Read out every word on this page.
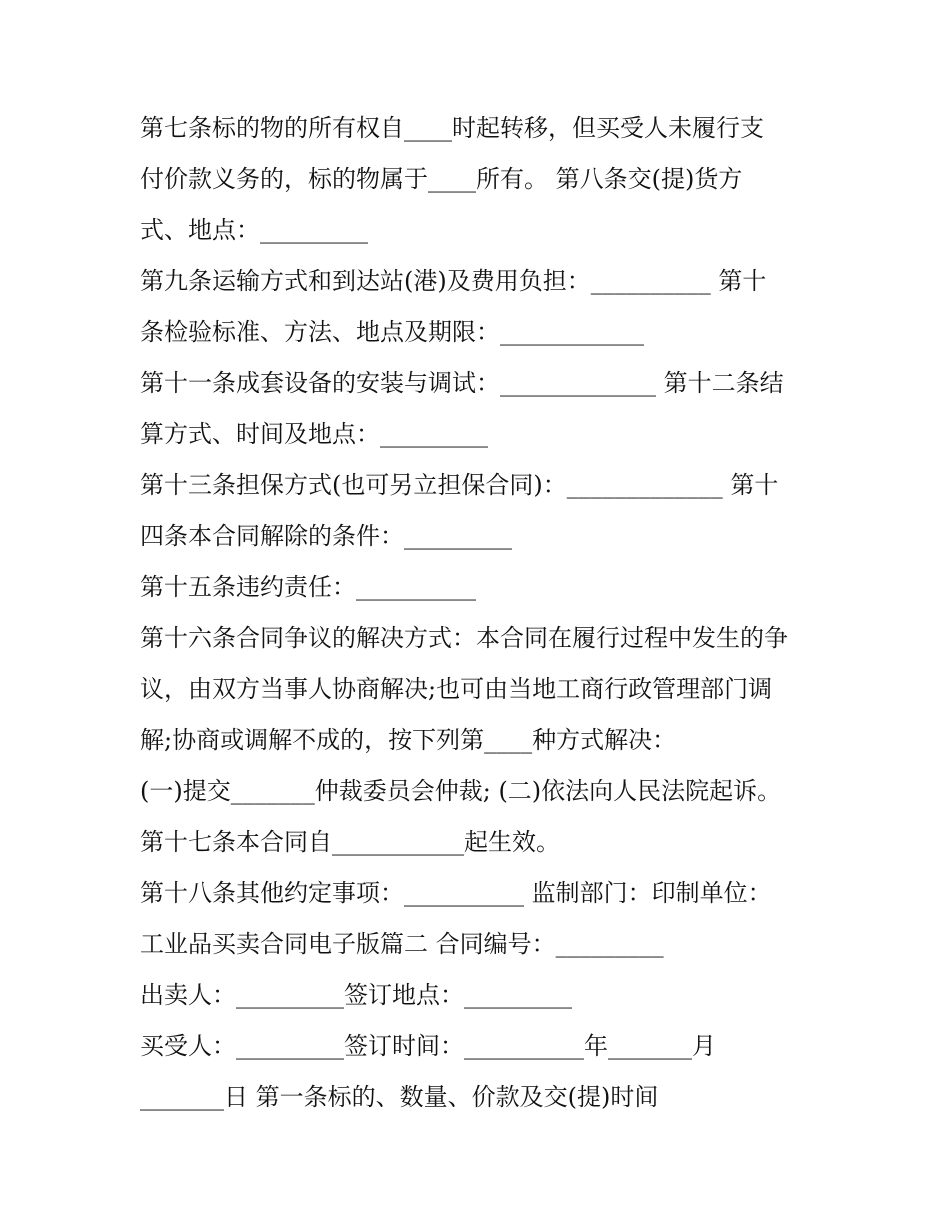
第七条标的物的所有权自____时起转移，但买受人未履行支
付价款义务的，标的物属于____所有。 第八条交(提)货方
式、地点：_________
第九条运输方式和到达站(港)及费用负担：__________ 第十
条检验标准、方法、地点及期限：____________
第十一条成套设备的安装与调试：_____________ 第十二条结
算方式、时间及地点：_________
第十三条担保方式(也可另立担保合同)：_____________ 第十
四条本合同解除的条件：_________
第十五条违约责任：__________
第十六条合同争议的解决方式：本合同在履行过程中发生的争
议，由双方当事人协商解决;也可由当地工商行政管理部门调
解;协商或调解不成的，按下列第____种方式解决：
(一)提交_______仲裁委员会仲裁; (二)依法向人民法院起诉。
第十七条本合同自___________起生效。
第十八条其他约定事项：__________ 监制部门：印制单位：
工业品买卖合同电子版篇二 合同编号：_________
出卖人：_________签订地点：_________
买受人：_________签订时间：__________年_______月
_______日 第一条标的、数量、价款及交(提)时间
